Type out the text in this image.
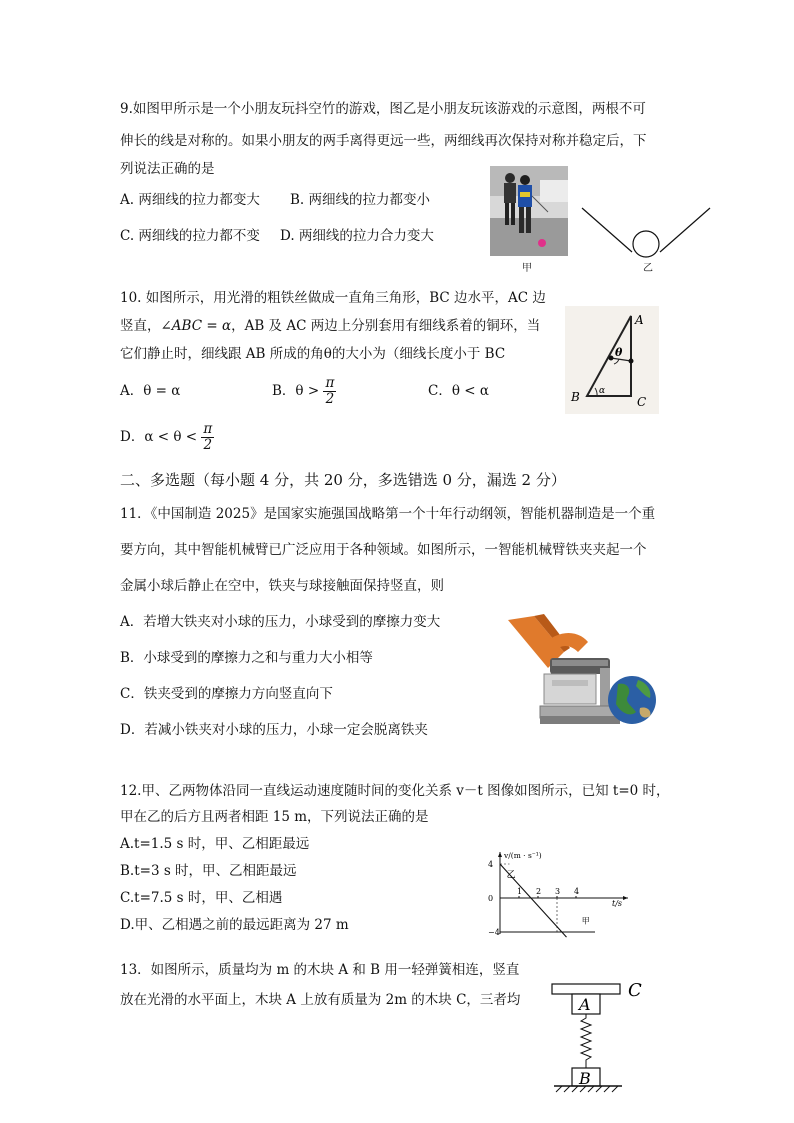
9.如图甲所示是一个小朋友玩抖空竹的游戏，图乙是小朋友玩该游戏的示意图，两根不可
伸长的线是对称的。如果小朋友的两手离得更远一些，两细线再次保持对称并稳定后，下
列说法正确的是
A. 两细线的拉力都变大 B. 两细线的拉力都变小
C. 两细线的拉力都不变 D. 两细线的拉力合力变大
甲	乙
10. 如图所示，用光滑的粗铁丝做成一直角三角形，BC 边水平，AC 边
竖直，∠ABC = α，AB 及 AC 两边上分别套用有细线系着的铜环，当
它们静止时，细线跟 AB 所成的角θ的大小为（细线长度小于 BC
A．θ = α	B．$\theta > \frac{\pi}{2}$	C．θ < α
D．$\alpha < \theta < \frac{\pi}{2}$
A
B	C
θ
α
二、多选题（每小题 4 分，共 20 分，多选错选 0 分，漏选 2 分）
11．《中国制造 2025》是国家实施强国战略第一个十年行动纲领，智能机器制造是一个重
要方向，其中智能机械臂已广泛应用于各种领域。如图所示，一智能机械臂铁夹夹起一个
金属小球后静止在空中，铁夹与球接触面保持竖直，则
A．若增大铁夹对小球的压力，小球受到的摩擦力变大
B．小球受到的摩擦力之和与重力大小相等
C．铁夹受到的摩擦力方向竖直向下
D．若减小铁夹对小球的压力，小球一定会脱离铁夹
12.甲、乙两物体沿同一直线运动速度随时间的变化关系 v－t 图像如图所示，已知 t=0 时，
甲在乙的后方且两者相距 15 m，下列说法正确的是
A.t=1.5 s 时，甲、乙相距最远
B.t=3 s 时，甲、乙相距最远
C.t=7.5 s 时，甲、乙相遇
D.甲、乙相遇之前的最远距离为 27 m
v/(m · s⁻¹)
t/s
1 2 3 4
4
0
−4
乙
甲
13．如图所示，质量均为 m 的木块 A 和 B 用一轻弹簧相连，竖直
放在光滑的水平面上，木块 A 上放有质量为 2m 的木块 C，三者均	A
B
C
